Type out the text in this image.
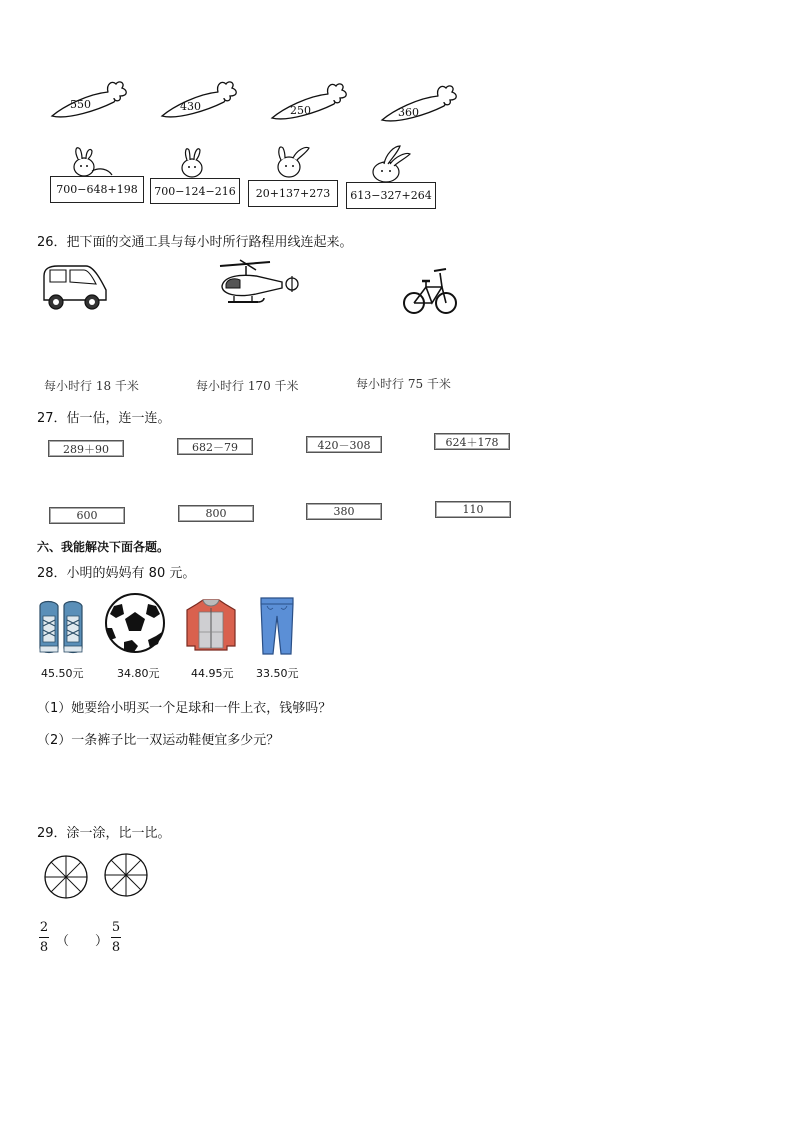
550	430	250	360
700−648+198	700−124−216	20+137+273	613−327+264
26．把下面的交通工具与每小时所行路程用线连起来。
每小时行 18 千米	每小时行 170 千米	每小时行 75 千米
27．估一估，连一连。
289＋90	682－79	420－308	624＋178
600	800	380	110
六、我能解决下面各题。
28．小明的妈妈有 80 元。
45.50元	34.80元	44.95元 33.50元
（1）她要给小明买一个足球和一件上衣，钱够吗？
（2）一条裤子比一双运动鞋便宜多少元？
29．涂一涂，比一比。
2
8 （　　）
5
8
